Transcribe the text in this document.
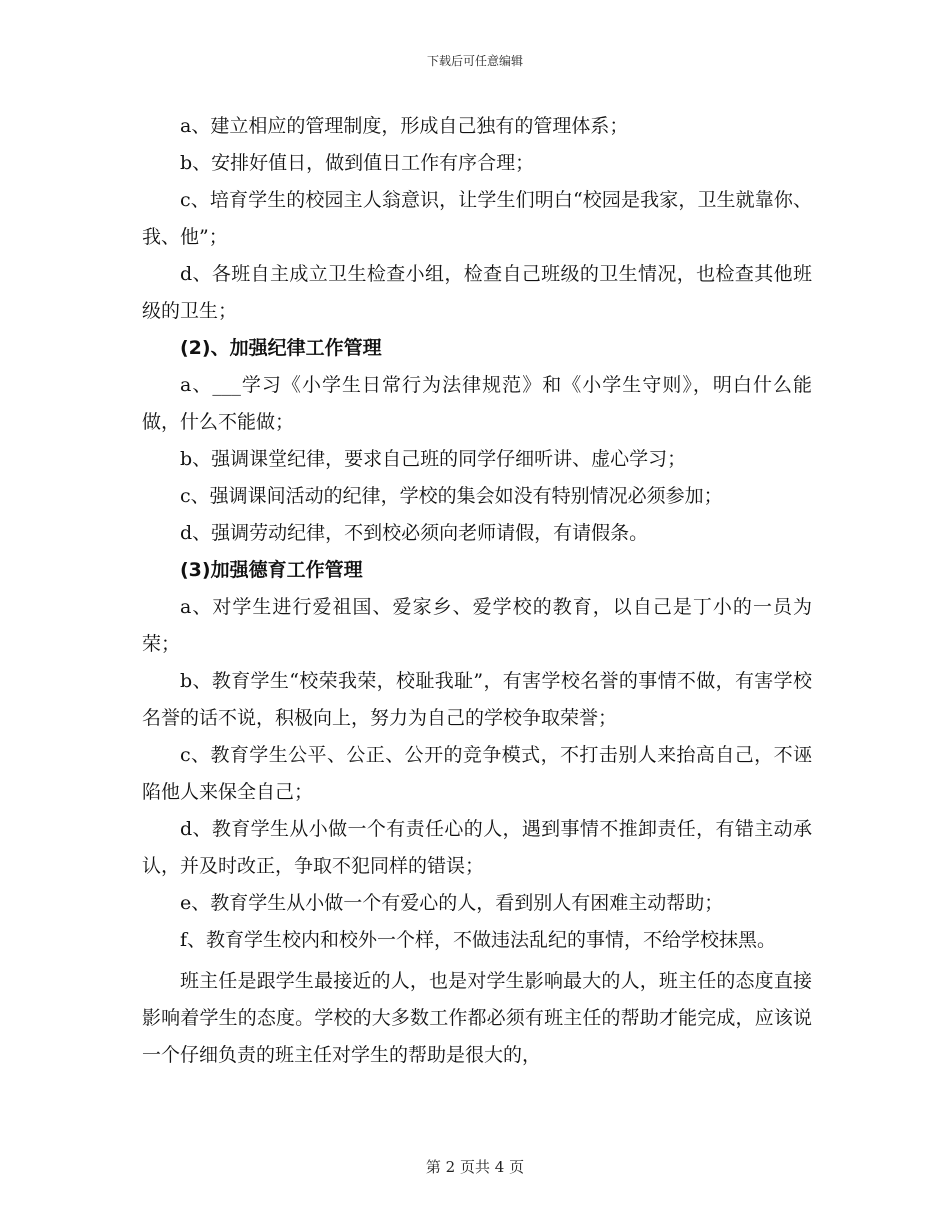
下载后可任意编辑

a、建立相应的管理制度，形成自己独有的管理体系；

b、安排好值日，做到值日工作有序合理；

c、培育学生的校园主人翁意识，让学生们明白“校园是我家，卫生就靠你、我、他”；

d、各班自主成立卫生检查小组，检查自己班级的卫生情况，也检查其他班级的卫生；

(2)、加强纪律工作管理

a、___学习《小学生日常行为法律规范》和《小学生守则》，明白什么能做，什么不能做；

b、强调课堂纪律，要求自己班的同学仔细听讲、虚心学习；

c、强调课间活动的纪律，学校的集会如没有特别情况必须参加；

d、强调劳动纪律，不到校必须向老师请假，有请假条。

(3)加强德育工作管理

a、对学生进行爱祖国、爱家乡、爱学校的教育，以自己是丁小的一员为荣；

b、教育学生“校荣我荣，校耻我耻”，有害学校名誉的事情不做，有害学校名誉的话不说，积极向上，努力为自己的学校争取荣誉；

c、教育学生公平、公正、公开的竞争模式，不打击别人来抬高自己，不诬陷他人来保全自己；

d、教育学生从小做一个有责任心的人，遇到事情不推卸责任，有错主动承认，并及时改正，争取不犯同样的错误；

e、教育学生从小做一个有爱心的人，看到别人有困难主动帮助；

f、教育学生校内和校外一个样，不做违法乱纪的事情，不给学校抹黑。

班主任是跟学生最接近的人，也是对学生影响最大的人，班主任的态度直接影响着学生的态度。学校的大多数工作都必须有班主任的帮助才能完成，应该说一个仔细负责的班主任对学生的帮助是很大的，

第 2 页共 4 页
